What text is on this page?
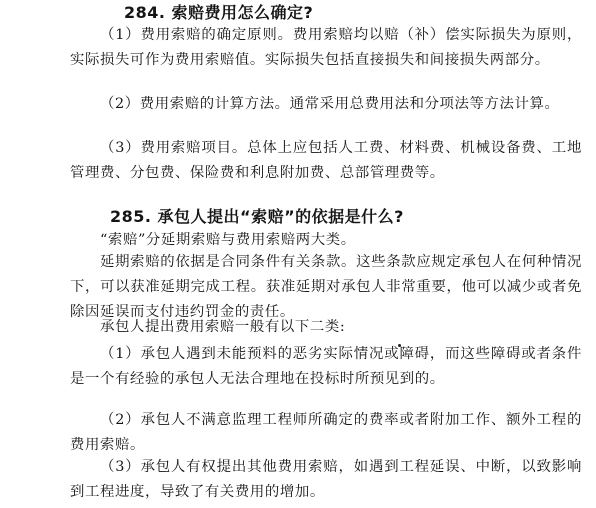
284. 索赔费用怎么确定?
（1）费用索赔的确定原则。费用索赔均以赔（补）偿实际损失为原则，实际损失可作为费用索赔值。实际损失包括直接损失和间接损失两部分。
（2）费用索赔的计算方法。通常采用总费用法和分项法等方法计算。
（3）费用索赔项目。总体上应包括人工费、材料费、机械设备费、工地管理费、分包费、保险费和利息附加费、总部管理费等。
285. 承包人提出“索赔”的依据是什么?
“索赔”分延期索赔与费用索赔两大类。
延期索赔的依据是合同条件有关条款。这些条款应规定承包人在何种情况下，可以获准延期完成工程。获准延期对承包人非常重要，他可以减少或者免除因延误而支付违约罚金的责任。
承包人提出费用索赔一般有以下二类:
（1）承包人遇到未能预料的恶劣实际情况或障碍，而这些障碍或者条件是一个有经验的承包人无法合理地在投标时所预见到的。
（2）承包人不满意监理工程师所确定的费率或者附加工作、额外工程的费用索赔。
（3）承包人有权提出其他费用索赔，如遇到工程延误、中断，以致影响到工程进度，导致了有关费用的增加。
